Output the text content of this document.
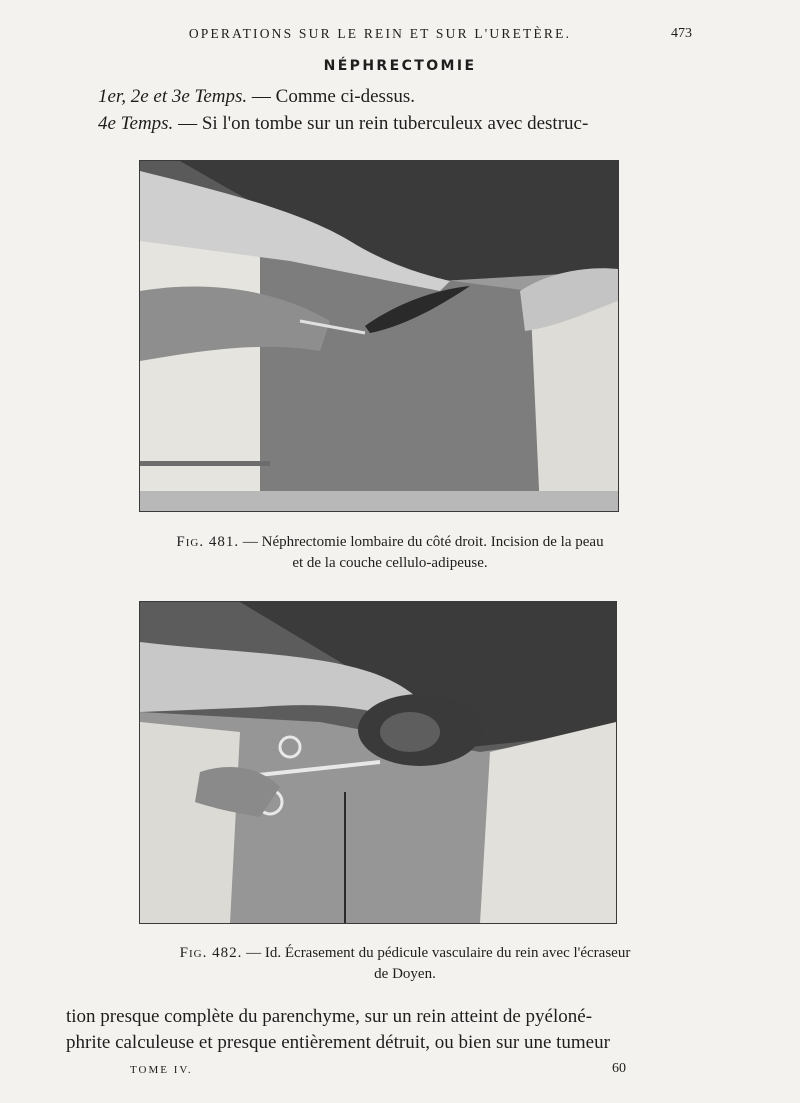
OPERATIONS SUR LE REIN ET SUR L'URETÈRE.	473
NÉPHRECTOMIE
1er, 2e et 3e Temps. — Comme ci-dessus.
4e Temps. — Si l'on tombe sur un rein tuberculeux avec destruc-
Fig. 481. — Néphrectomie lombaire du côté droit. Incision de la peau
et de la couche cellulo-adipeuse.
Fig. 482. — Id. Écrasement du pédicule vasculaire du rein avec l'écraseur
de Doyen.
tion presque complète du parenchyme, sur un rein atteint de pyéloné-
phrite calculeuse et presque entièrement détruit, ou bien sur une tumeur
TOME IV.	60
